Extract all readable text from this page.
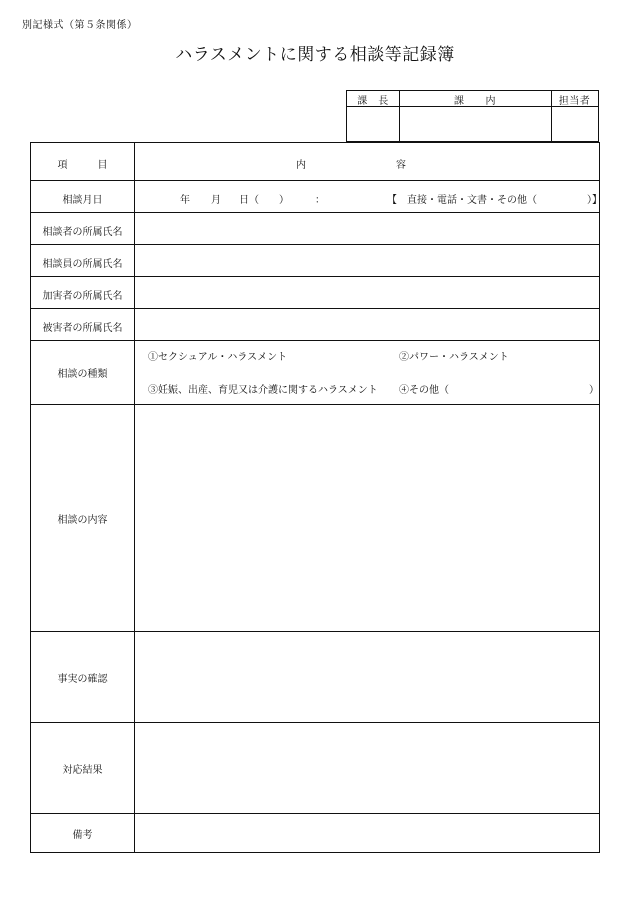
別記様式（第５条関係）
ハラスメントに関する相談等記録簿
課　長	課　　内	担当者
項　　　目	内　　　　　　　　　容
相談月日	年 月 日（　　）	：	【　直接・電話・文書・その他（　　　　　）】
相談者の所属氏名
相談員の所属氏名
加害者の所属氏名
被害者の所属氏名
相談の種類
①セクシュアル・ハラスメント	②パワー・ハラスメント
③妊娠、出産、育児又は介護に関するハラスメント ④その他（　　　　　　　　　　　　　　）
相談の内容
事実の確認
対応結果
備考
